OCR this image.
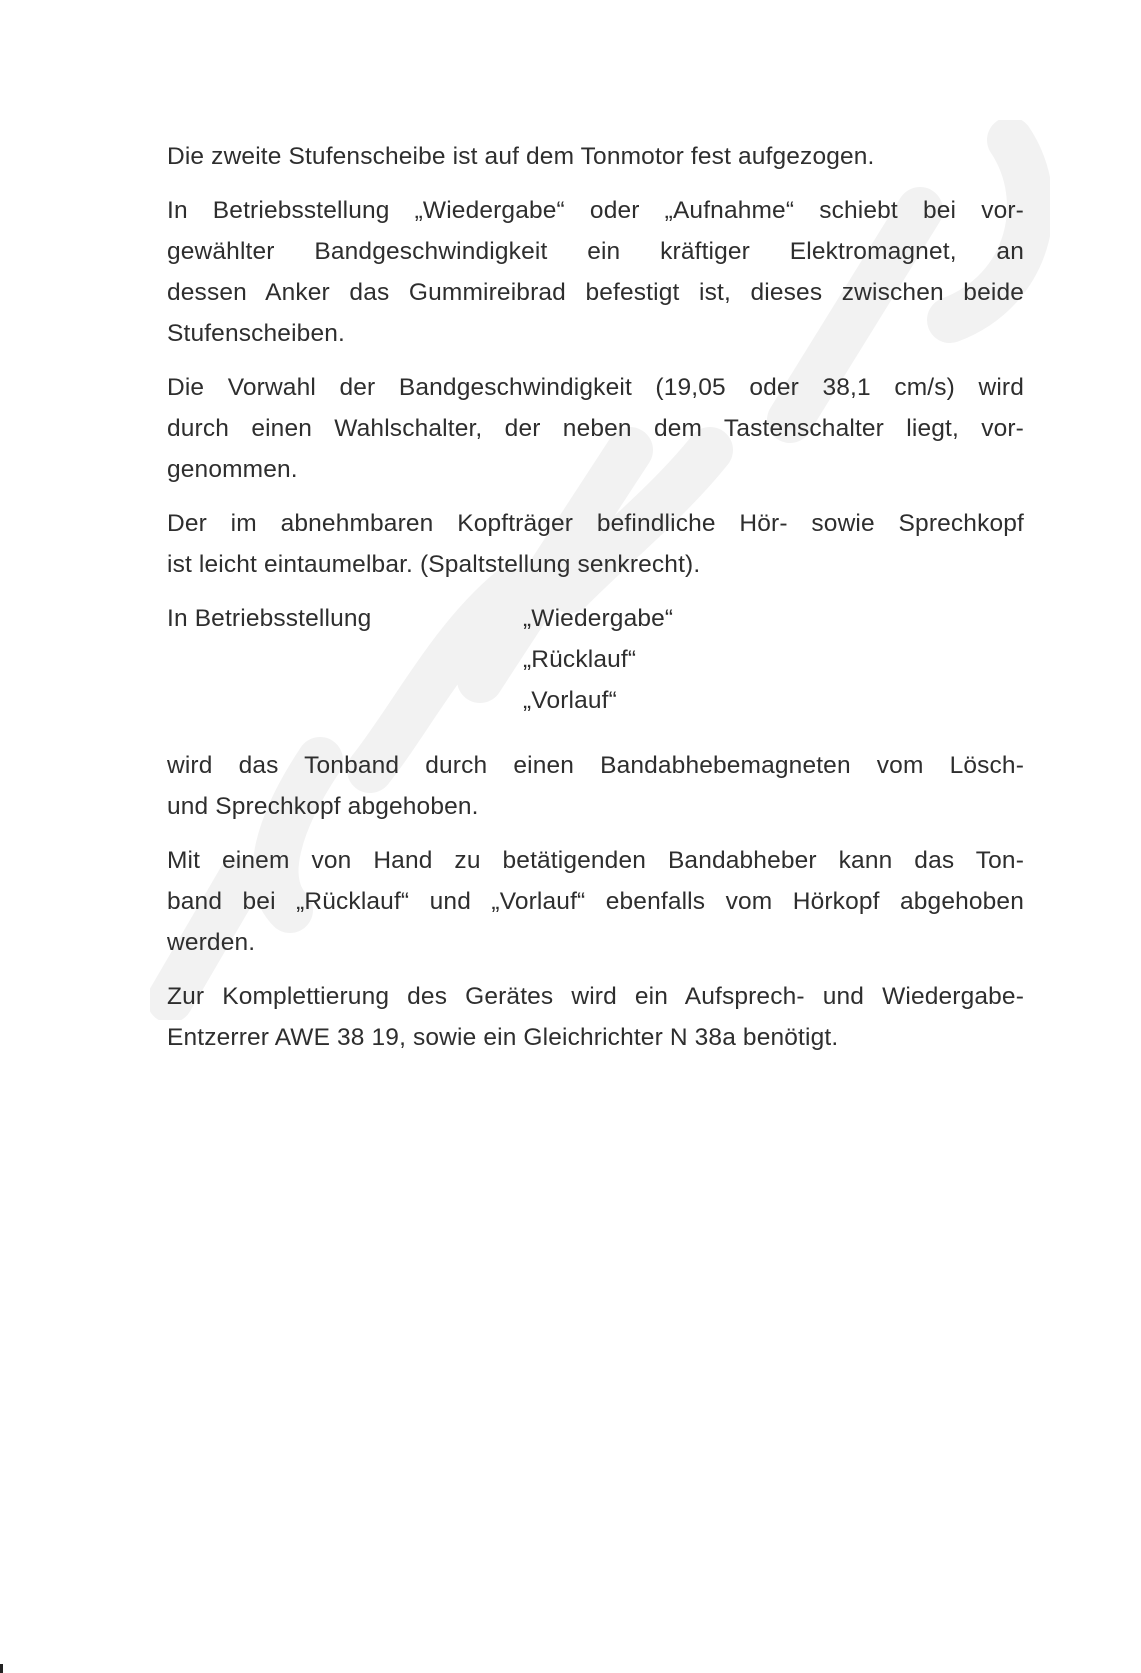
Die zweite Stufenscheibe ist auf dem Tonmotor fest aufgezogen.

In Betriebsstellung „Wiedergabe“ oder „Aufnahme“ schiebt bei vor-
gewählter Bandgeschwindigkeit ein kräftiger Elektromagnet, an
dessen Anker das Gummireibrad befestigt ist, dieses zwischen beide
Stufenscheiben.

Die Vorwahl der Bandgeschwindigkeit (19,05 oder 38,1 cm/s) wird
durch einen Wahlschalter, der neben dem Tastenschalter liegt, vor-
genommen.

Der im abnehmbaren Kopfträger befindliche Hör- sowie Sprechkopf
ist leicht eintaumelbar. (Spaltstellung senkrecht).

In Betriebsstellung	„Wiedergabe“
„Rücklauf“
„Vorlauf“

wird das Tonband durch einen Bandabhebemagneten vom Lösch-
und Sprechkopf abgehoben.

Mit einem von Hand zu betätigenden Bandabheber kann das Ton-
band bei „Rücklauf“ und „Vorlauf“ ebenfalls vom Hörkopf abgehoben
werden.

Zur Komplettierung des Gerätes wird ein Aufsprech- und Wiedergabe-
Entzerrer AWE 38 19, sowie ein Gleichrichter N 38a benötigt.
